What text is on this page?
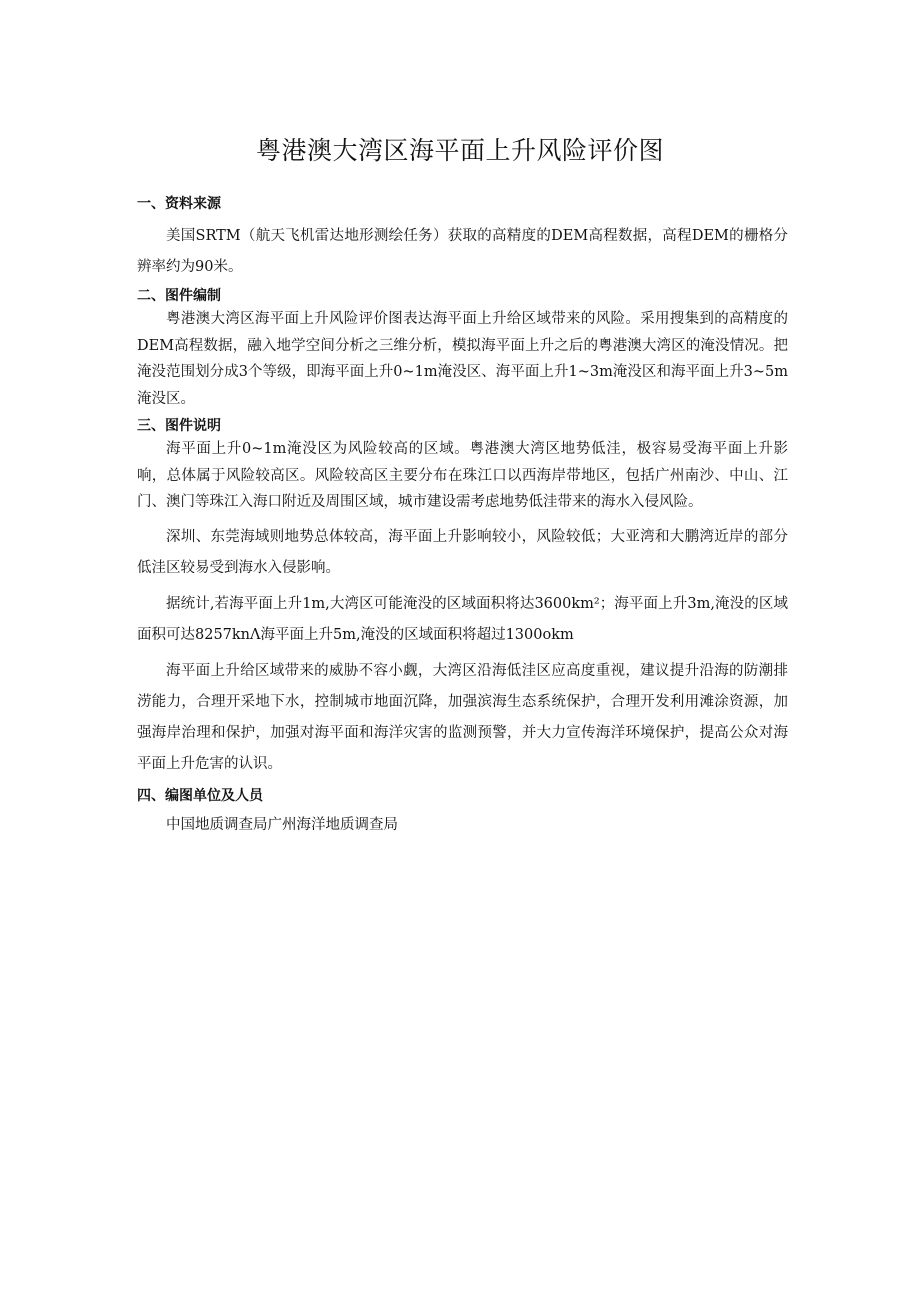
粤港澳大湾区海平面上升风险评价图
一、资料来源

美国SRTM（航天飞机雷达地形测绘任务）获取的高精度的DEM高程数据，高程DEM的栅格分辨率约为90米。

二、图件编制

粤港澳大湾区海平面上升风险评价图表达海平面上升给区域带来的风险。采用搜集到的高精度的DEM高程数据，融入地学空间分析之三维分析，模拟海平面上升之后的粤港澳大湾区的淹没情况。把淹没范围划分成3个等级，即海平面上升0~1m淹没区、海平面上升1~3m淹没区和海平面上升3~5m淹没区。

三、图件说明

海平面上升0~1m淹没区为风险较高的区域。粤港澳大湾区地势低洼，极容易受海平面上升影响，总体属于风险较高区。风险较高区主要分布在珠江口以西海岸带地区，包括广州南沙、中山、江门、澳门等珠江入海口附近及周围区域，城市建设需考虑地势低洼带来的海水入侵风险。

深圳、东莞海域则地势总体较高，海平面上升影响较小，风险较低；大亚湾和大鹏湾近岸的部分低洼区较易受到海水入侵影响。

据统计,若海平面上升1m,大湾区可能淹没的区域面积将达3600km²；海平面上升3m,淹没的区域面积可达8257knΛ海平面上升5m,淹没的区域面积将超过1300okm

海平面上升给区域带来的威胁不容小觑，大湾区沿海低洼区应高度重视，建议提升沿海的防潮排涝能力，合理开采地下水，控制城市地面沉降，加强滨海生态系统保护，合理开发利用滩涂资源，加强海岸治理和保护，加强对海平面和海洋灾害的监测预警，并大力宣传海洋环境保护，提高公众对海平面上升危害的认识。

四、编图单位及人员

中国地质调查局广州海洋地质调查局
